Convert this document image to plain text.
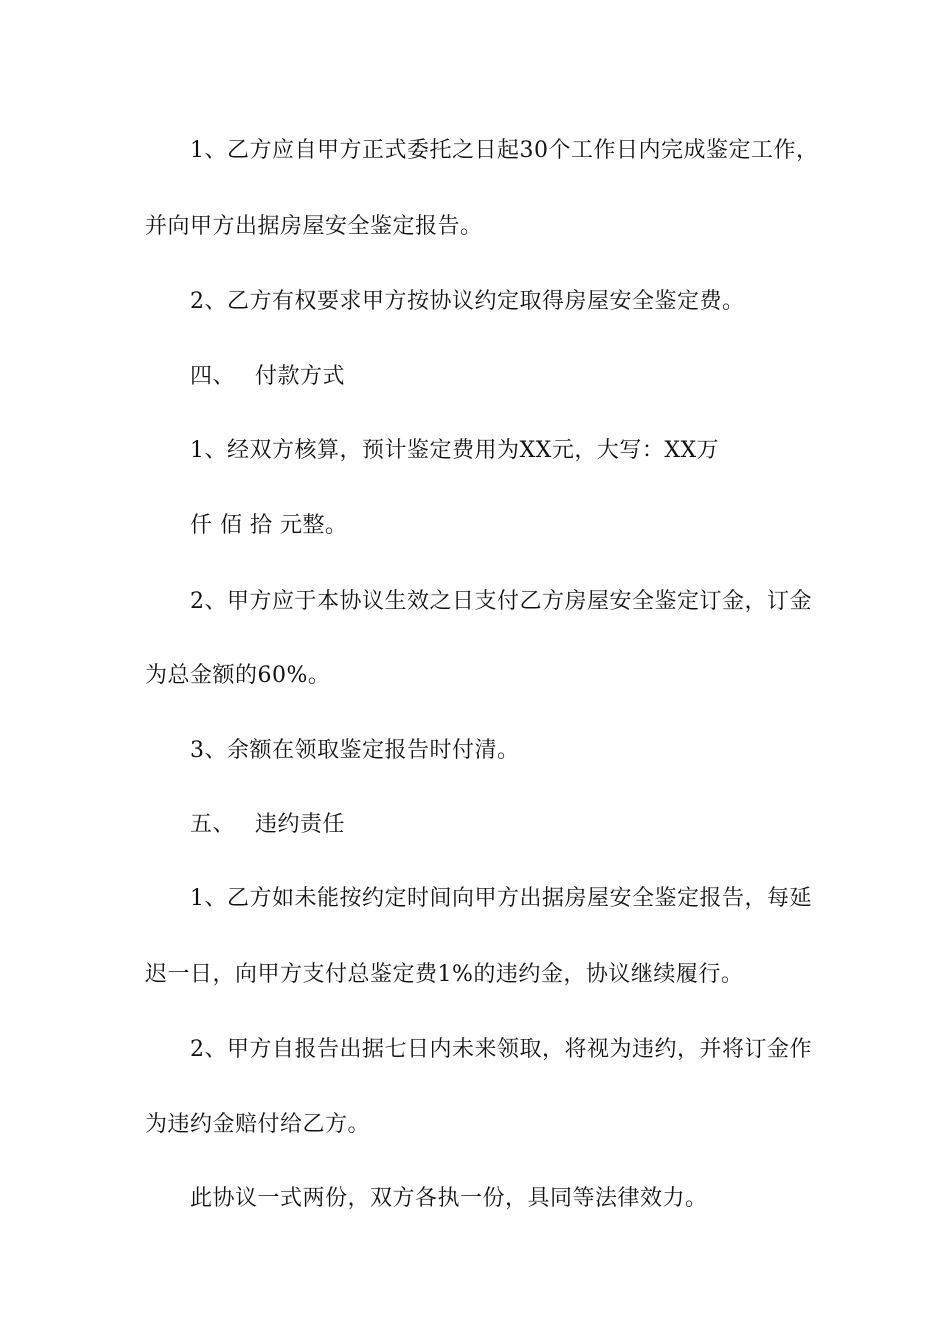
1、乙方应自甲方正式委托之日起30个工作日内完成鉴定工作，
并向甲方出据房屋安全鉴定报告。
2、乙方有权要求甲方按协议约定取得房屋安全鉴定费。
四、 付款方式
1、经双方核算，预计鉴定费用为XX元，大写：XX万
仟 佰 拾 元整。
2、甲方应于本协议生效之日支付乙方房屋安全鉴定订金，订金
为总金额的60%。
3、余额在领取鉴定报告时付清。
五、 违约责任
1、乙方如未能按约定时间向甲方出据房屋安全鉴定报告，每延
迟一日，向甲方支付总鉴定费1%的违约金，协议继续履行。
2、甲方自报告出据七日内未来领取，将视为违约，并将订金作
为违约金赔付给乙方。
此协议一式两份，双方各执一份，具同等法律效力。
